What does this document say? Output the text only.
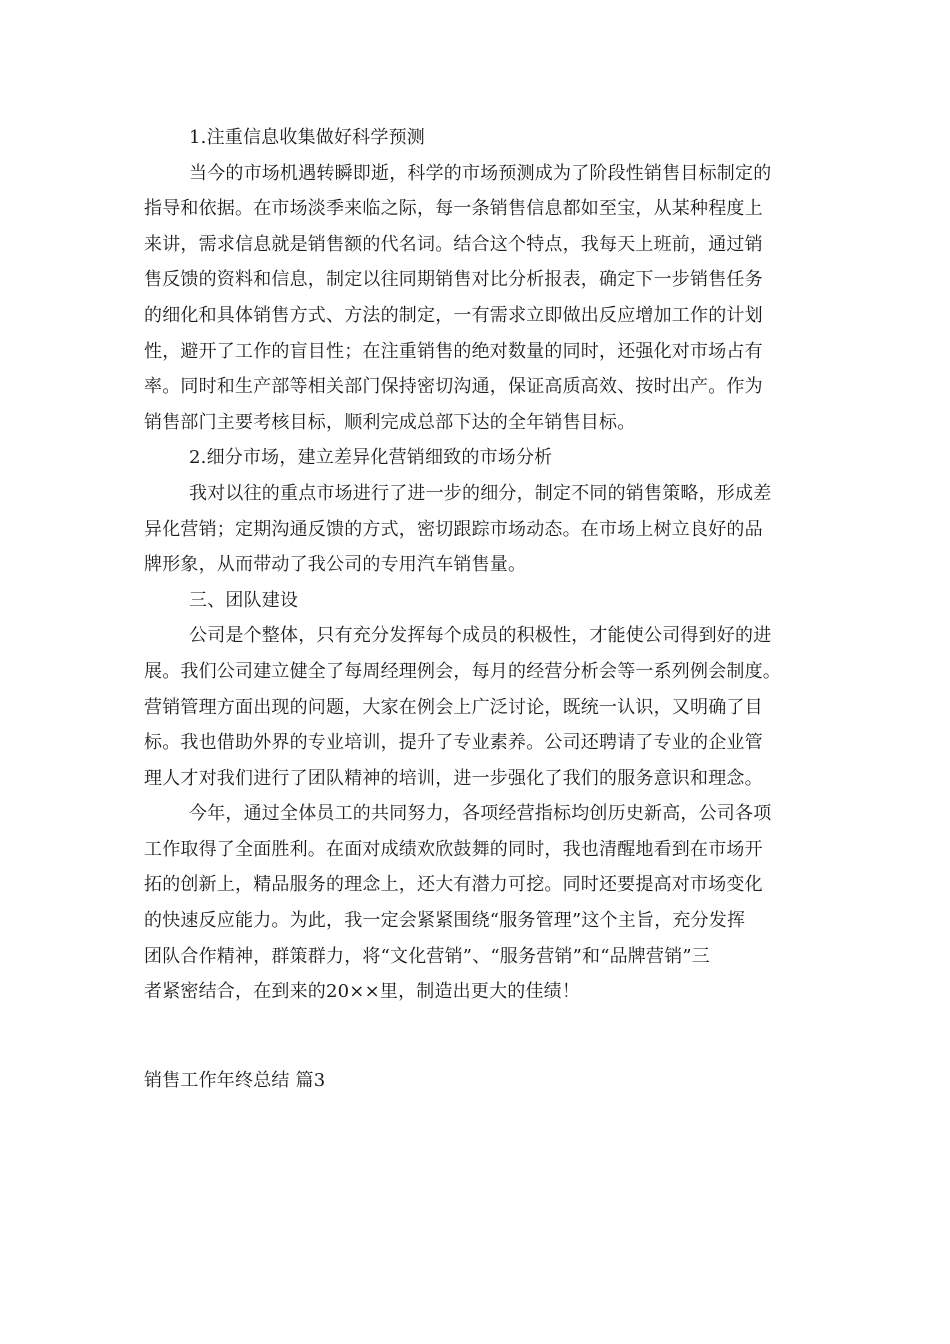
1.注重信息收集做好科学预测
当今的市场机遇转瞬即逝，科学的市场预测成为了阶段性销售目标制定的
指导和依据。在市场淡季来临之际，每一条销售信息都如至宝，从某种程度上
来讲，需求信息就是销售额的代名词。结合这个特点，我每天上班前，通过销
售反馈的资料和信息，制定以往同期销售对比分析报表，确定下一步销售任务
的细化和具体销售方式、方法的制定，一有需求立即做出反应增加工作的计划
性，避开了工作的盲目性；在注重销售的绝对数量的同时，还强化对市场占有
率。同时和生产部等相关部门保持密切沟通，保证高质高效、按时出产。作为
销售部门主要考核目标，顺利完成总部下达的全年销售目标。
2.细分市场，建立差异化营销细致的市场分析
我对以往的重点市场进行了进一步的细分，制定不同的销售策略，形成差
异化营销；定期沟通反馈的方式，密切跟踪市场动态。在市场上树立良好的品
牌形象，从而带动了我公司的专用汽车销售量。
三、团队建设
公司是个整体，只有充分发挥每个成员的积极性，才能使公司得到好的进
展。我们公司建立健全了每周经理例会，每月的经营分析会等一系列例会制度。
营销管理方面出现的问题，大家在例会上广泛讨论，既统一认识，又明确了目
标。我也借助外界的专业培训，提升了专业素养。公司还聘请了专业的企业管
理人才对我们进行了团队精神的培训，进一步强化了我们的服务意识和理念。
今年，通过全体员工的共同努力，各项经营指标均创历史新高，公司各项
工作取得了全面胜利。在面对成绩欢欣鼓舞的同时，我也清醒地看到在市场开
拓的创新上，精品服务的理念上，还大有潜力可挖。同时还要提高对市场变化
的快速反应能力。为此，我一定会紧紧围绕“服务管理”这个主旨，充分发挥
团队合作精神，群策群力，将“文化营销”、“服务营销”和“品牌营销”三
者紧密结合，在到来的20××里，制造出更大的佳绩！
销售工作年终总结 篇3
